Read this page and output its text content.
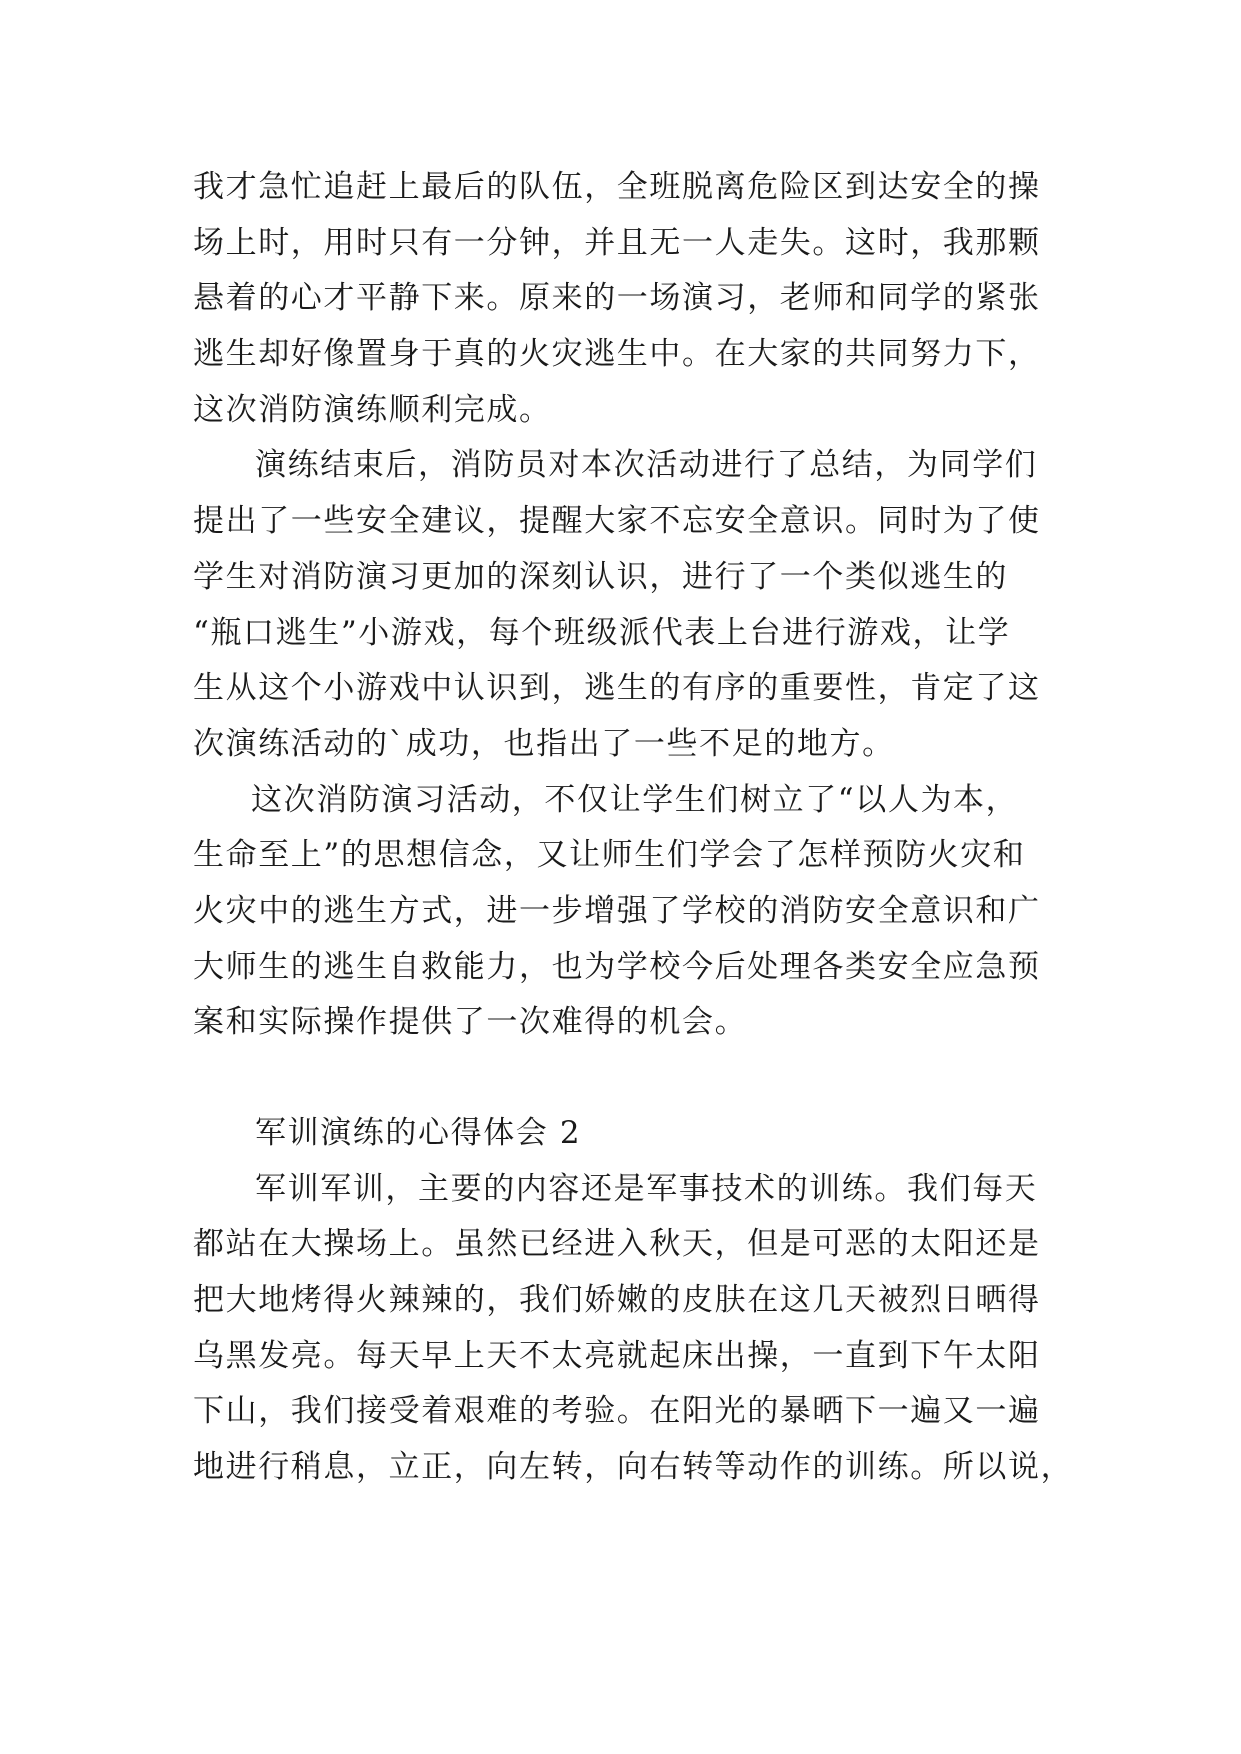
我才急忙追赶上最后的队伍，全班脱离危险区到达安全的操
场上时，用时只有一分钟，并且无一人走失。这时，我那颗
悬着的心才平静下来。原来的一场演习，老师和同学的紧张
逃生却好像置身于真的火灾逃生中。在大家的共同努力下，
这次消防演练顺利完成。
演练结束后，消防员对本次活动进行了总结，为同学们
提出了一些安全建议，提醒大家不忘安全意识。同时为了使
学生对消防演习更加的深刻认识，进行了一个类似逃生的
“瓶口逃生”小游戏，每个班级派代表上台进行游戏，让学
生从这个小游戏中认识到，逃生的有序的重要性，肯定了这
次演练活动的`成功，也指出了一些不足的地方。
这次消防演习活动，不仅让学生们树立了“以人为本，
生命至上”的思想信念，又让师生们学会了怎样预防火灾和
火灾中的逃生方式，进一步增强了学校的消防安全意识和广
大师生的逃生自救能力，也为学校今后处理各类安全应急预
案和实际操作提供了一次难得的机会。
军训演练的心得体会 2
军训军训，主要的内容还是军事技术的训练。我们每天
都站在大操场上。虽然已经进入秋天，但是可恶的太阳还是
把大地烤得火辣辣的，我们娇嫩的皮肤在这几天被烈日晒得
乌黑发亮。每天早上天不太亮就起床出操，一直到下午太阳
下山，我们接受着艰难的考验。在阳光的暴晒下一遍又一遍
地进行稍息，立正，向左转，向右转等动作的训练。所以说，
